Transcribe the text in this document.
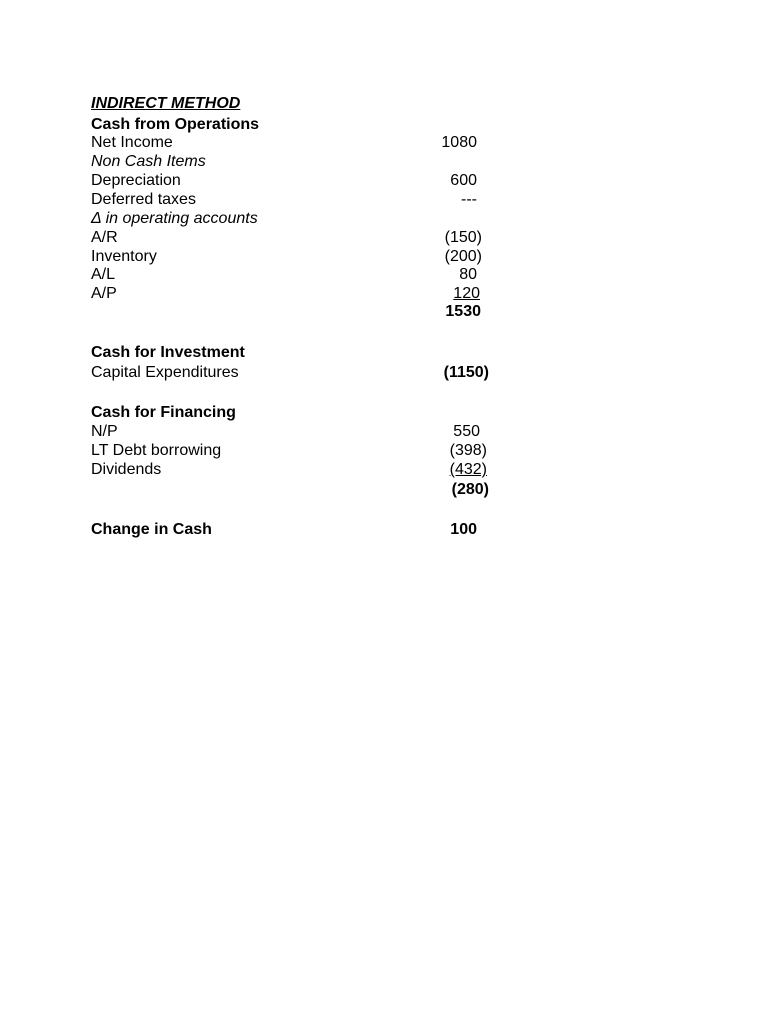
INDIRECT METHOD

Cash from Operations

Net Income	1080

Non Cash Items

Depreciation	600

Deferred taxes	---

Δ in operating accounts

A/R	(150)

Inventory	(200)

A/L	80

A/P	120

1530

Cash for Investment

Capital Expenditures	(1150)

Cash for Financing

N/P	550

LT Debt borrowing	(398)

Dividends	(432)

(280)

Change in Cash	100
